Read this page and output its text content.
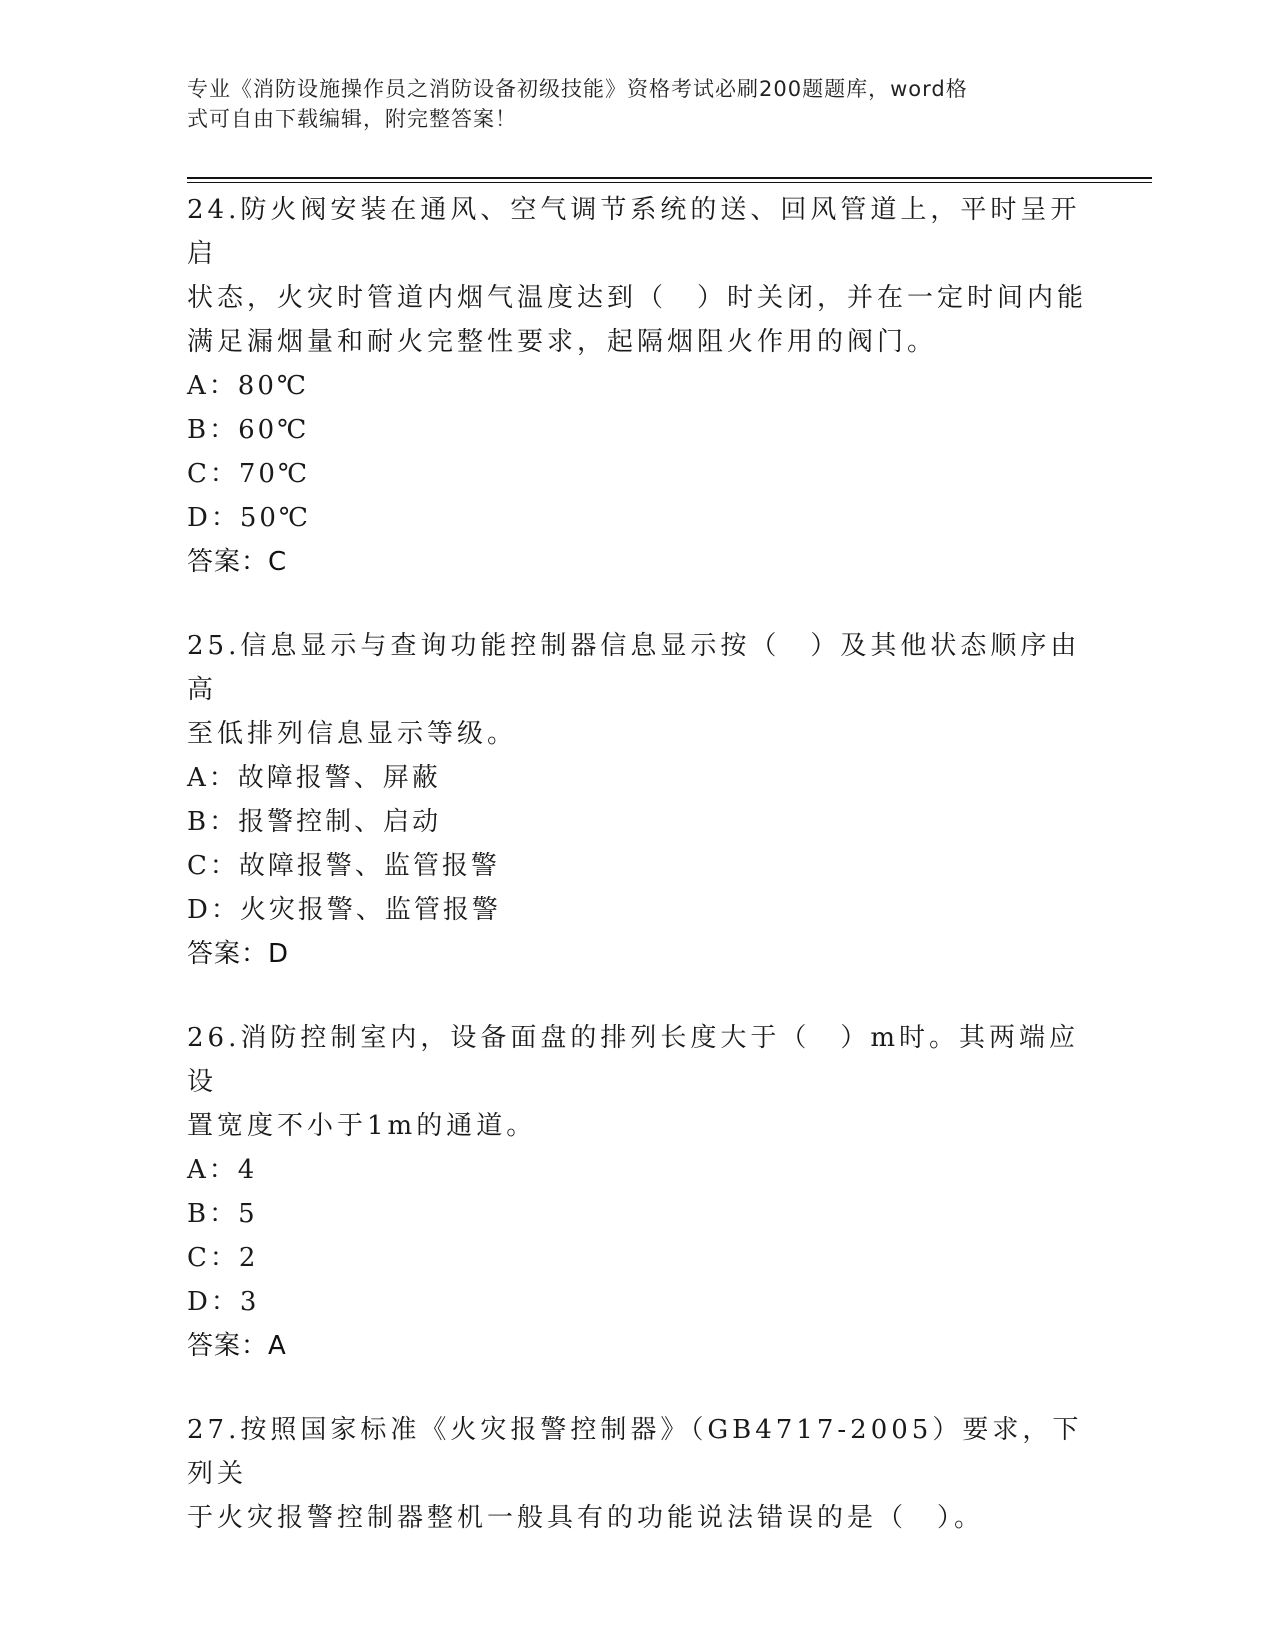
专业《消防设施操作员之消防设备初级技能》资格考试必刷200题题库，word格
式可自由下载编辑，附完整答案！

24.防火阀安装在通风、空气调节系统的送、回风管道上，平时呈开启
状态，火灾时管道内烟气温度达到（　）时关闭，并在一定时间内能
满足漏烟量和耐火完整性要求，起隔烟阻火作用的阀门。

A：80℃
B：60℃
C：70℃
D：50℃
答案：C

25.信息显示与查询功能控制器信息显示按（　）及其他状态顺序由高
至低排列信息显示等级。

A：故障报警、屏蔽
B：报警控制、启动
C：故障报警、监管报警
D：火灾报警、监管报警
答案：D

26.消防控制室内，设备面盘的排列长度大于（　）m时。其两端应设
置宽度不小于1m的通道。

A：4
B：5
C：2
D：3
答案：A

27.按照国家标准《火灾报警控制器》（GB4717-2005）要求，下列关
于火灾报警控制器整机一般具有的功能说法错误的是（　）。
